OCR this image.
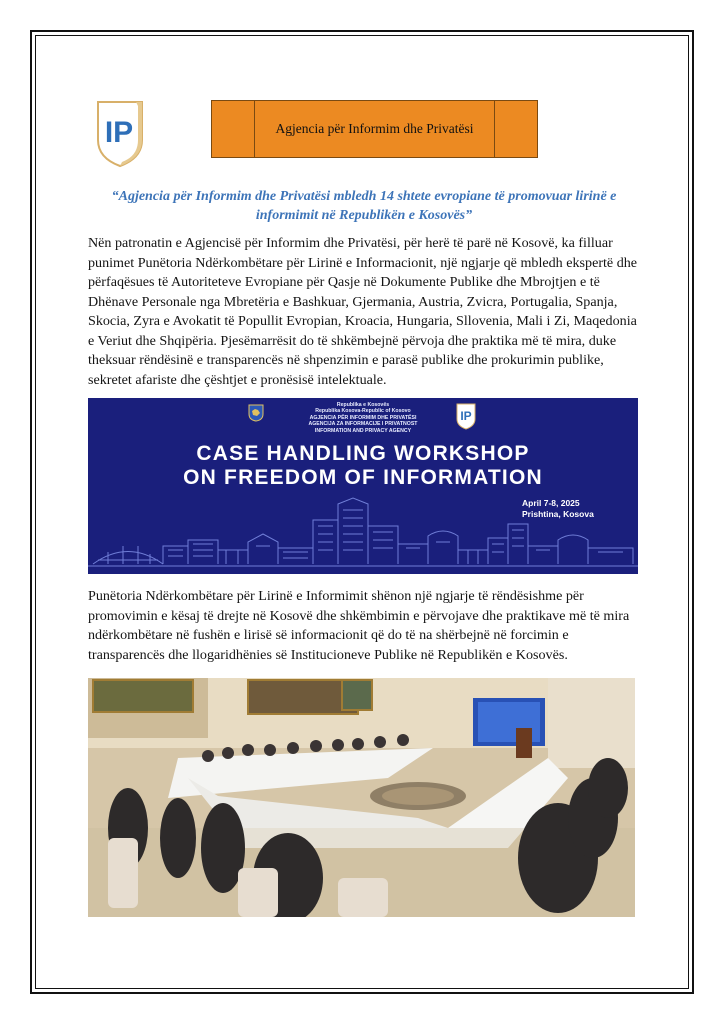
IP	Agjencia për Informim dhe Privatësi
“Agjencia për Informim dhe Privatësi mbledh 14 shtete evropiane të promovuar lirinë e informimit në Republikën e Kosovës”
Nën patronatin e Agjencisë për Informim dhe Privatësi, për herë të parë në Kosovë, ka filluar punimet Punëtoria Ndërkombëtare për Lirinë e Informacionit, një ngjarje që mbledh ekspertë dhe përfaqësues të Autoriteteve Evropiane për Qasje në Dokumente Publike dhe Mbrojtjen e të Dhënave Personale nga Mbretëria e Bashkuar, Gjermania, Austria, Zvicra, Portugalia, Spanja, Skocia, Zyra e Avokatit të Popullit Evropian, Kroacia, Hungaria, Sllovenia, Mali i Zi, Maqedonia e Veriut dhe Shqipëria. Pjesëmarrësit do të shkëmbejnë përvoja dhe praktika më të mira, duke theksuar rëndësinë e transparencës në shpenzimin e parasë publike dhe prokurimin publike, sekretet afariste dhe çështjet e pronësisë intelektuale.
Republika e Kosovës
Republika Kosova-Republic of Kosovo
AGJENCIA PËR INFORMIM DHE PRIVATËSI
AGENCIJA ZA INFORMACIJE I PRIVATNOST
INFORMATION AND PRIVACY AGENCY
IP
CASE HANDLING WORKSHOP
ON FREEDOM OF INFORMATION
April 7-8, 2025
Prishtina, Kosova
Punëtoria Ndërkombëtare për Lirinë e Informimit shënon një ngjarje të rëndësishme për promovimin e kësaj të drejte në Kosovë dhe shkëmbimin e përvojave dhe praktikave më të mira ndërkombëtare në fushën e lirisë së informacionit që do të na shërbejnë në forcimin e transparencës dhe llogaridhënies së Institucioneve Publike në Republikën e Kosovës.
